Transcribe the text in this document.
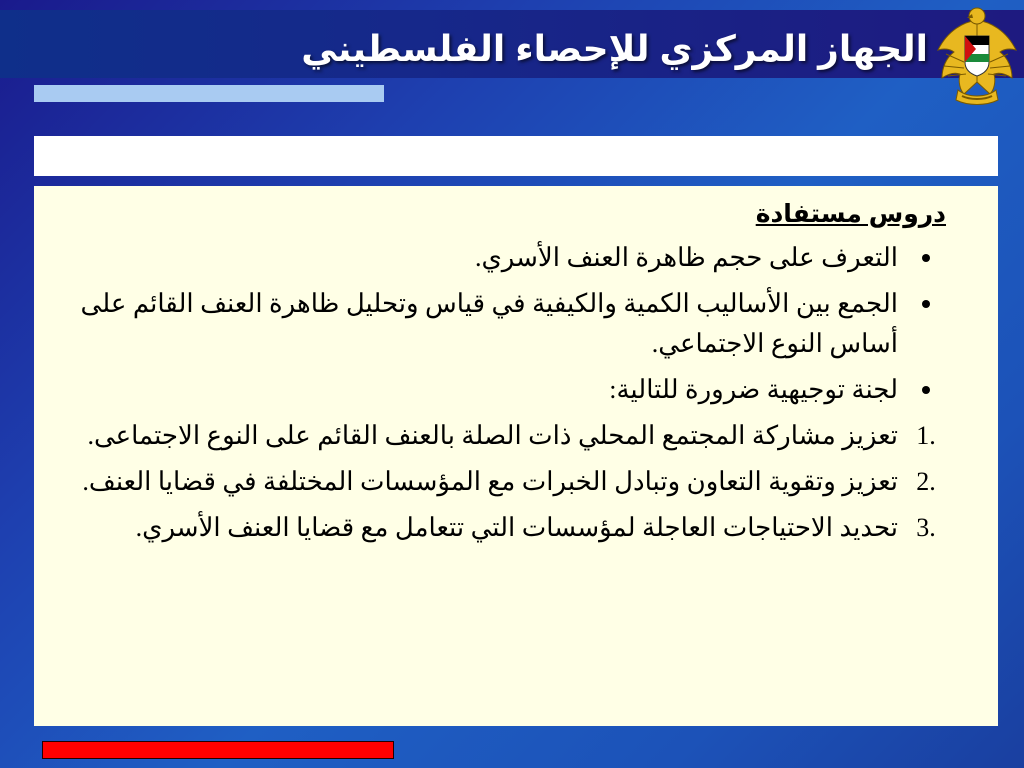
الجهاز المركزي للإحصاء الفلسطيني
دروس مستفادة
التعرف على حجم ظاهرة العنف الأسري.
الجمع بين الأساليب الكمية والكيفية في قياس وتحليل ظاهرة العنف القائم على أساس النوع الاجتماعي.
لجنة توجيهية ضرورة للتالية:
1.
تعزيز مشاركة المجتمع المحلي ذات الصلة بالعنف القائم على النوع الاجتماعى.
2.
تعزيز وتقوية التعاون وتبادل الخبرات مع المؤسسات المختلفة في قضايا العنف.
3.
تحديد الاحتياجات العاجلة لمؤسسات التي تتعامل مع قضايا العنف الأسري.
